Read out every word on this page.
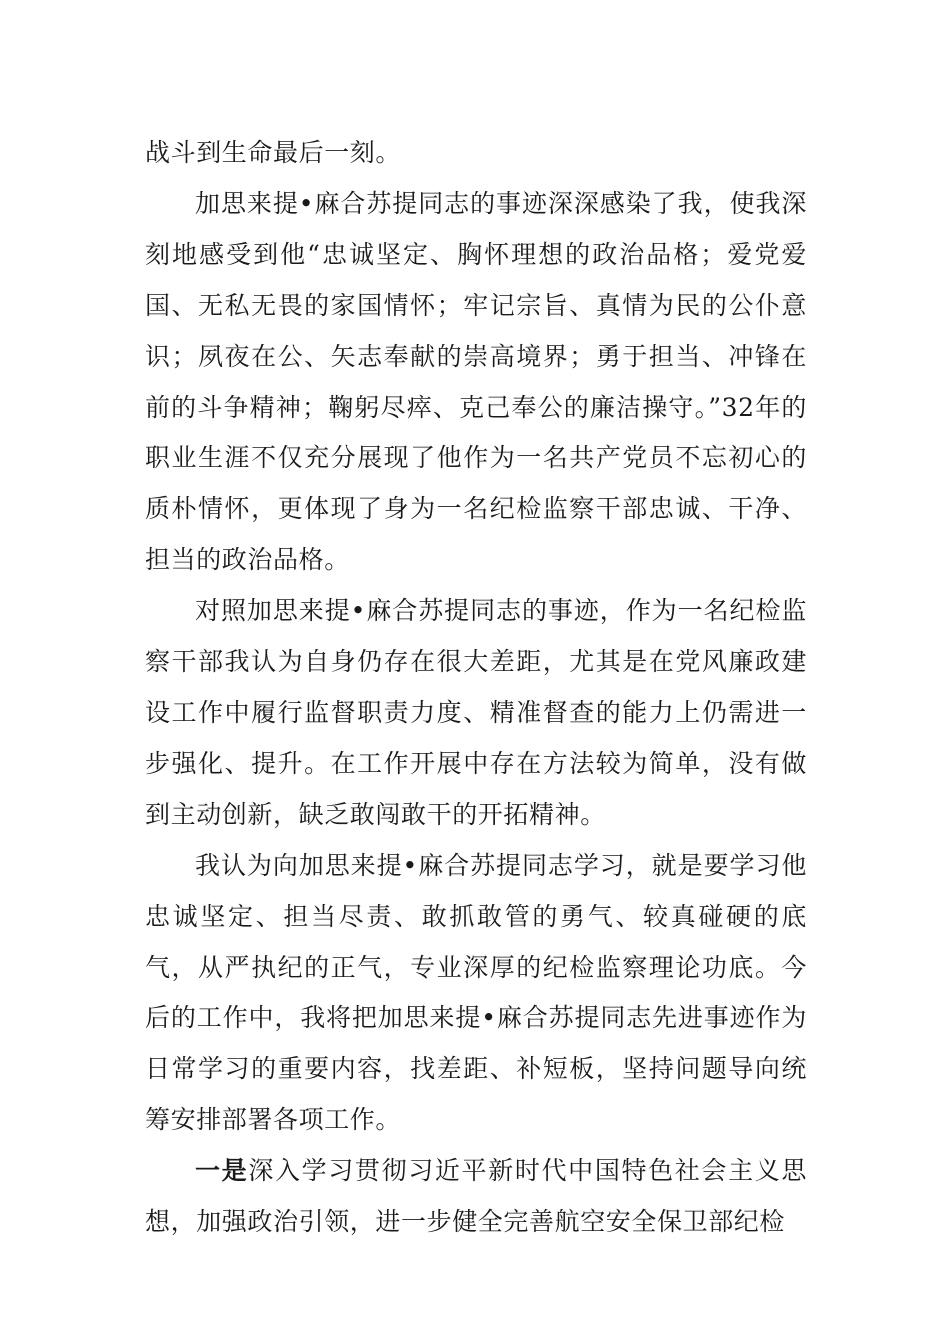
战斗到生命最后一刻。

加思来提•麻合苏提同志的事迹深深感染了我，使我深刻地感受到他“忠诚坚定、胸怀理想的政治品格；爱党爱国、无私无畏的家国情怀；牢记宗旨、真情为民的公仆意识；夙夜在公、矢志奉献的崇高境界；勇于担当、冲锋在前的斗争精神；鞠躬尽瘁、克己奉公的廉洁操守。”32年的职业生涯不仅充分展现了他作为一名共产党员不忘初心的质朴情怀，更体现了身为一名纪检监察干部忠诚、干净、担当的政治品格。

对照加思来提•麻合苏提同志的事迹，作为一名纪检监察干部我认为自身仍存在很大差距，尤其是在党风廉政建设工作中履行监督职责力度、精准督查的能力上仍需进一步强化、提升。在工作开展中存在方法较为简单，没有做到主动创新，缺乏敢闯敢干的开拓精神。

我认为向加思来提•麻合苏提同志学习，就是要学习他忠诚坚定、担当尽责、敢抓敢管的勇气、较真碰硬的底气，从严执纪的正气，专业深厚的纪检监察理论功底。今后的工作中，我将把加思来提•麻合苏提同志先进事迹作为日常学习的重要内容，找差距、补短板，坚持问题导向统筹安排部署各项工作。

一是深入学习贯彻习近平新时代中国特色社会主义思想，加强政治引领，进一步健全完善航空安全保卫部纪检
